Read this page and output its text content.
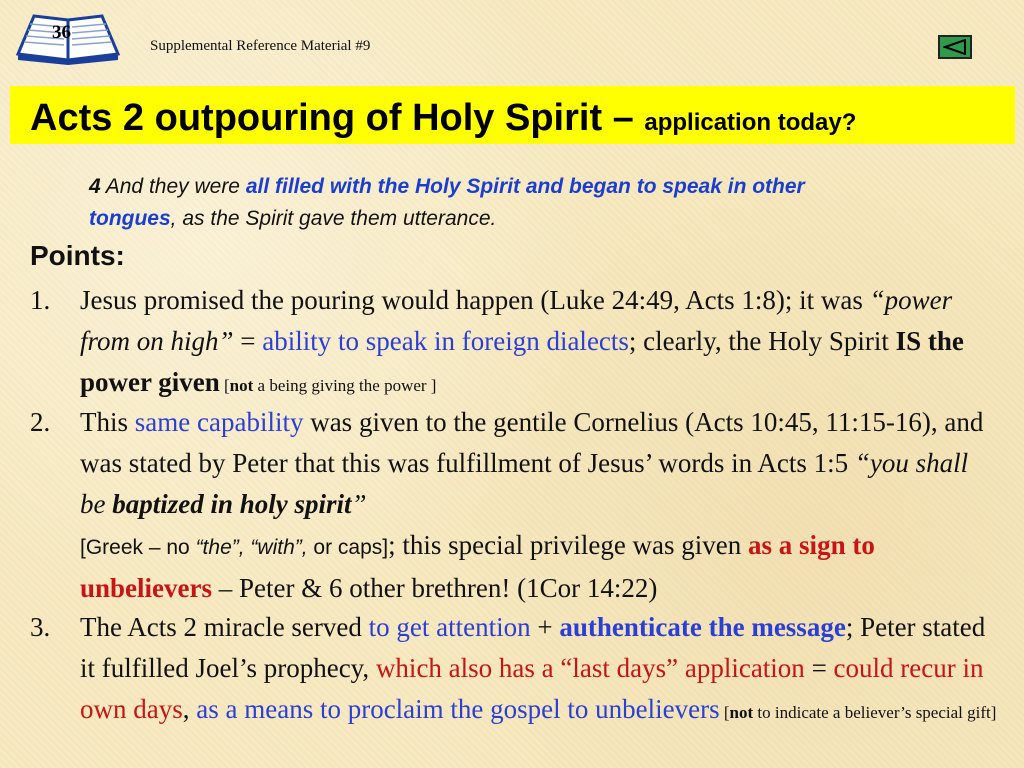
36
Supplemental Reference Material #9
Acts 2 outpouring of Holy Spirit – application today?
4 And they were all filled with the Holy Spirit and began to speak in other tongues, as the Spirit gave them utterance.
Points:
1. Jesus promised the pouring would happen (Luke 24:49, Acts 1:8); it was “power from on high” = ability to speak in foreign dialects; clearly, the Holy Spirit IS the power given [not a being giving the power ]
2. This same capability was given to the gentile Cornelius (Acts 10:45, 11:15-16), and was stated by Peter that this was fulfillment of Jesus’ words in Acts 1:5 “you shall be baptized in holy spirit”
[Greek – no “the”, “with”, or caps]; this special privilege was given as a sign to unbelievers – Peter & 6 other brethren! (1Cor 14:22)
3. The Acts 2 miracle served to get attention + authenticate the message; Peter stated it fulfilled Joel’s prophecy, which also has a “last days” application = could recur in own days, as a means to proclaim the gospel to unbelievers [not to indicate a believer’s special gift]
